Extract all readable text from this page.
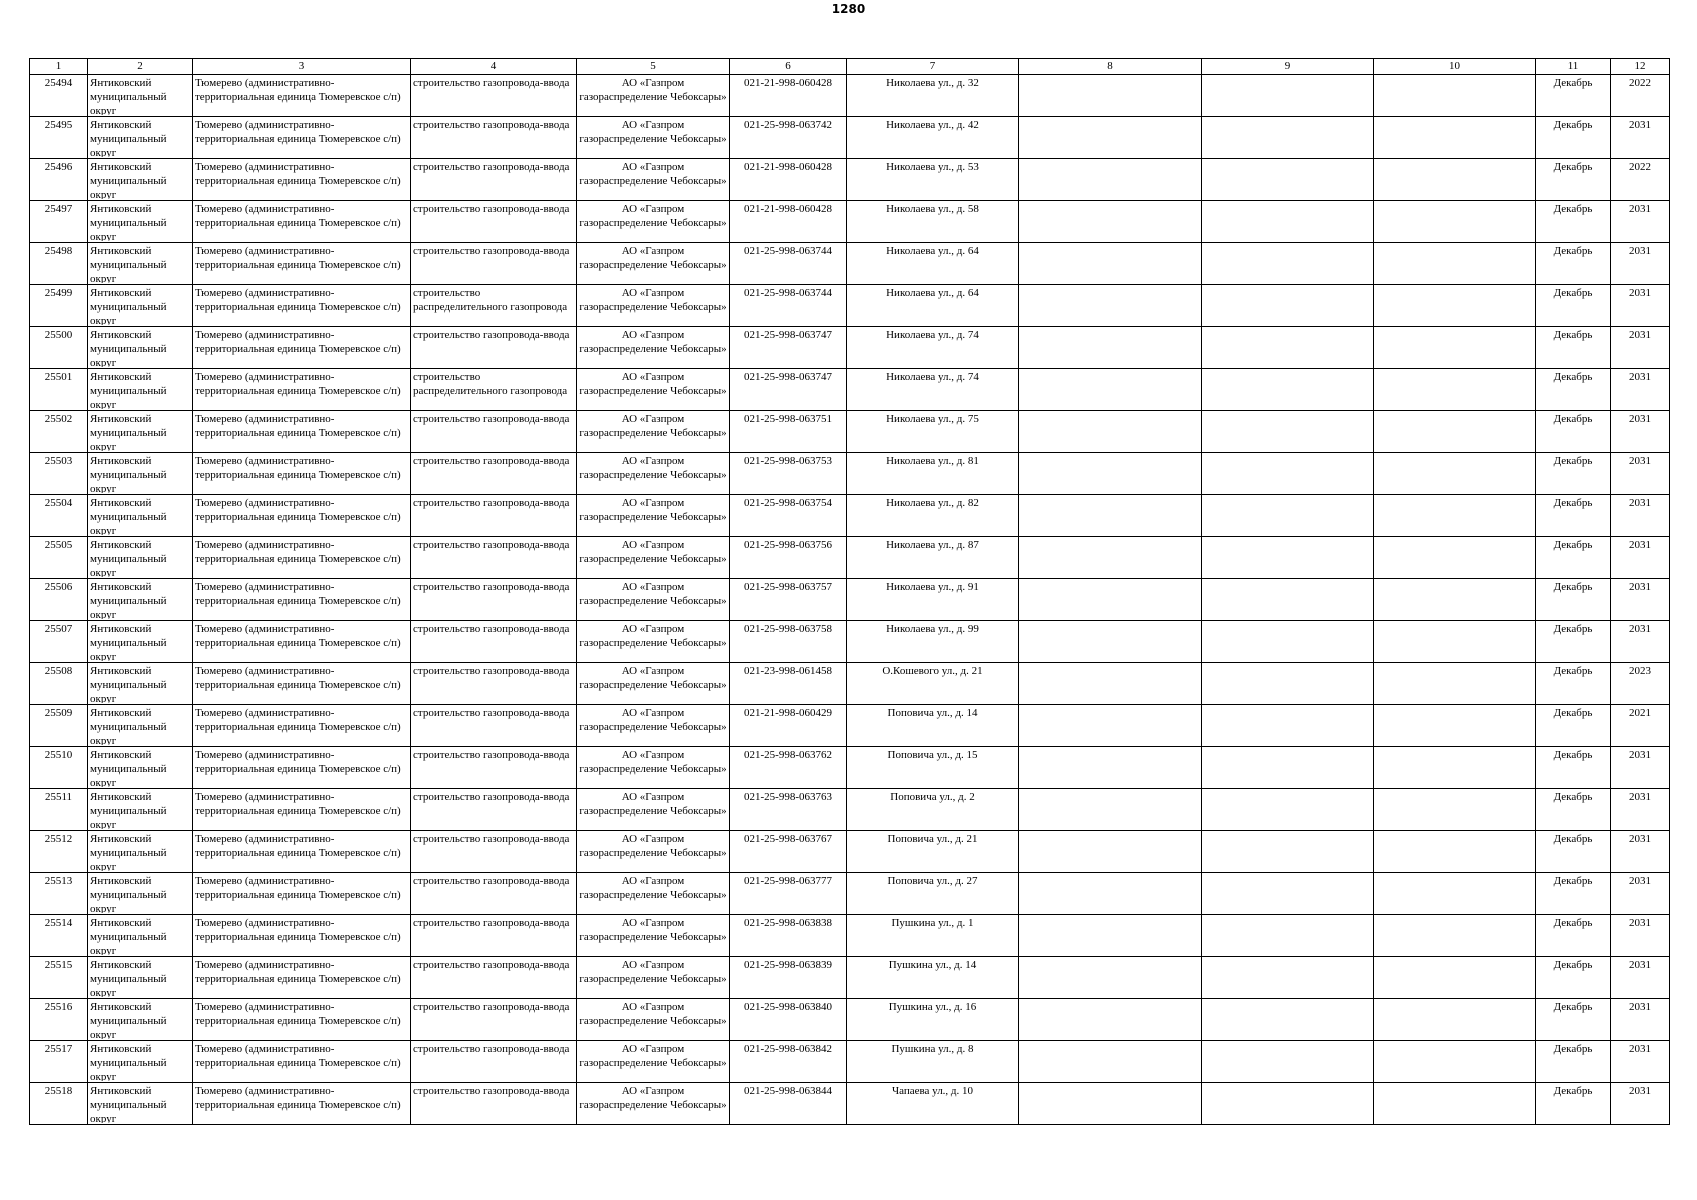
1280
1	2	3	4	5	6	7	8	9	10	11	12

25494	Янтиковский муниципальный округ	Тюмерево (административно-территориальная единица Тюмеревское с/п)	строительство газопровода-ввода	АО «Газпром газораспределение Чебоксары»	021-21-998-060428	Николаева ул., д. 32				Декабрь	2022

25495	Янтиковский муниципальный округ	Тюмерево (административно-территориальная единица Тюмеревское с/п)	строительство газопровода-ввода	АО «Газпром газораспределение Чебоксары»	021-25-998-063742	Николаева ул., д. 42				Декабрь	2031

25496	Янтиковский муниципальный округ	Тюмерево (административно-территориальная единица Тюмеревское с/п)	строительство газопровода-ввода	АО «Газпром газораспределение Чебоксары»	021-21-998-060428	Николаева ул., д. 53				Декабрь	2022

25497	Янтиковский муниципальный округ	Тюмерево (административно-территориальная единица Тюмеревское с/п)	строительство газопровода-ввода	АО «Газпром газораспределение Чебоксары»	021-21-998-060428	Николаева ул., д. 58				Декабрь	2031

25498	Янтиковский муниципальный округ	Тюмерево (административно-территориальная единица Тюмеревское с/п)	строительство газопровода-ввода	АО «Газпром газораспределение Чебоксары»	021-25-998-063744	Николаева ул., д. 64				Декабрь	2031

25499	Янтиковский муниципальный округ	Тюмерево (административно-территориальная единица Тюмеревское с/п)	строительство распределительного газопровода	АО «Газпром газораспределение Чебоксары»	021-25-998-063744	Николаева ул., д. 64				Декабрь	2031

25500	Янтиковский муниципальный округ	Тюмерево (административно-территориальная единица Тюмеревское с/п)	строительство газопровода-ввода	АО «Газпром газораспределение Чебоксары»	021-25-998-063747	Николаева ул., д. 74				Декабрь	2031

25501	Янтиковский муниципальный округ	Тюмерево (административно-территориальная единица Тюмеревское с/п)	строительство распределительного газопровода	АО «Газпром газораспределение Чебоксары»	021-25-998-063747	Николаева ул., д. 74				Декабрь	2031

25502	Янтиковский муниципальный округ	Тюмерево (административно-территориальная единица Тюмеревское с/п)	строительство газопровода-ввода	АО «Газпром газораспределение Чебоксары»	021-25-998-063751	Николаева ул., д. 75				Декабрь	2031

25503	Янтиковский муниципальный округ	Тюмерево (административно-территориальная единица Тюмеревское с/п)	строительство газопровода-ввода	АО «Газпром газораспределение Чебоксары»	021-25-998-063753	Николаева ул., д. 81				Декабрь	2031

25504	Янтиковский муниципальный округ	Тюмерево (административно-территориальная единица Тюмеревское с/п)	строительство газопровода-ввода	АО «Газпром газораспределение Чебоксары»	021-25-998-063754	Николаева ул., д. 82				Декабрь	2031

25505	Янтиковский муниципальный округ	Тюмерево (административно-территориальная единица Тюмеревское с/п)	строительство газопровода-ввода	АО «Газпром газораспределение Чебоксары»	021-25-998-063756	Николаева ул., д. 87				Декабрь	2031

25506	Янтиковский муниципальный округ	Тюмерево (административно-территориальная единица Тюмеревское с/п)	строительство газопровода-ввода	АО «Газпром газораспределение Чебоксары»	021-25-998-063757	Николаева ул., д. 91				Декабрь	2031

25507	Янтиковский муниципальный округ	Тюмерево (административно-территориальная единица Тюмеревское с/п)	строительство газопровода-ввода	АО «Газпром газораспределение Чебоксары»	021-25-998-063758	Николаева ул., д. 99				Декабрь	2031

25508	Янтиковский муниципальный округ	Тюмерево (административно-территориальная единица Тюмеревское с/п)	строительство газопровода-ввода	АО «Газпром газораспределение Чебоксары»	021-23-998-061458	О.Кошевого ул., д. 21				Декабрь	2023

25509	Янтиковский муниципальный округ	Тюмерево (административно-территориальная единица Тюмеревское с/п)	строительство газопровода-ввода	АО «Газпром газораспределение Чебоксары»	021-21-998-060429	Поповича ул., д. 14				Декабрь	2021

25510	Янтиковский муниципальный округ	Тюмерево (административно-территориальная единица Тюмеревское с/п)	строительство газопровода-ввода	АО «Газпром газораспределение Чебоксары»	021-25-998-063762	Поповича ул., д. 15				Декабрь	2031

25511	Янтиковский муниципальный округ	Тюмерево (административно-территориальная единица Тюмеревское с/п)	строительство газопровода-ввода	АО «Газпром газораспределение Чебоксары»	021-25-998-063763	Поповича ул., д. 2				Декабрь	2031

25512	Янтиковский муниципальный округ	Тюмерево (административно-территориальная единица Тюмеревское с/п)	строительство газопровода-ввода	АО «Газпром газораспределение Чебоксары»	021-25-998-063767	Поповича ул., д. 21				Декабрь	2031

25513	Янтиковский муниципальный округ	Тюмерево (административно-территориальная единица Тюмеревское с/п)	строительство газопровода-ввода	АО «Газпром газораспределение Чебоксары»	021-25-998-063777	Поповича ул., д. 27				Декабрь	2031

25514	Янтиковский муниципальный округ	Тюмерево (административно-территориальная единица Тюмеревское с/п)	строительство газопровода-ввода	АО «Газпром газораспределение Чебоксары»	021-25-998-063838	Пушкина ул., д. 1				Декабрь	2031

25515	Янтиковский муниципальный округ	Тюмерево (административно-территориальная единица Тюмеревское с/п)	строительство газопровода-ввода	АО «Газпром газораспределение Чебоксары»	021-25-998-063839	Пушкина ул., д. 14				Декабрь	2031

25516	Янтиковский муниципальный округ	Тюмерево (административно-территориальная единица Тюмеревское с/п)	строительство газопровода-ввода	АО «Газпром газораспределение Чебоксары»	021-25-998-063840	Пушкина ул., д. 16				Декабрь	2031

25517	Янтиковский муниципальный округ	Тюмерево (административно-территориальная единица Тюмеревское с/п)	строительство газопровода-ввода	АО «Газпром газораспределение Чебоксары»	021-25-998-063842	Пушкина ул., д. 8				Декабрь	2031

25518	Янтиковский муниципальный округ	Тюмерево (административно-территориальная единица Тюмеревское с/п)	строительство газопровода-ввода	АО «Газпром газораспределение Чебоксары»	021-25-998-063844	Чапаева ул., д. 10				Декабрь	2031
